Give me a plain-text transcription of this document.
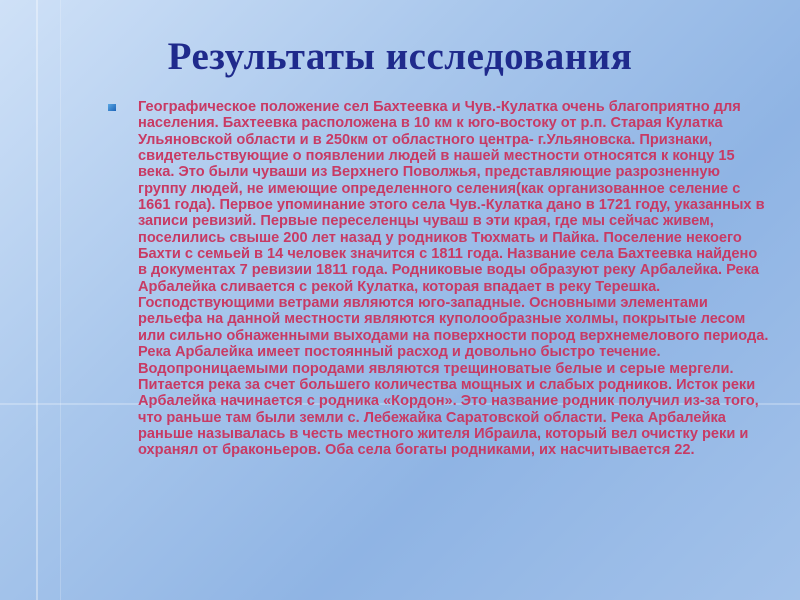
Результаты исследования

Географическое положение сел Бахтеевка и Чув.-Кулатка очень благоприятно для населения. Бахтеевка расположена в 10 км к юго-востоку от р.п. Старая Кулатка Ульяновской области и в 250км от областного центра- г.Ульяновска. Признаки, свидетельствующие о появлении людей в нашей местности относятся к концу 15 века. Это были чуваши из Верхнего Поволжья, представляющие разрозненную группу людей, не имеющие определенного селения(как организованное селение с 1661 года). Первое упоминание этого села Чув.-Кулатка дано в 1721 году, указанных в записи ревизий. Первые переселенцы чуваш в эти края, где мы сейчас живем, поселились свыше 200 лет назад у родников Тюхмать и Пайка. Поселение некоего Бахти с семьей в 14 человек значится с 1811 года. Название села Бахтеевка найдено в документах 7 ревизии 1811 года. Родниковые воды образуют реку Арбалейка. Река Арбалейка сливается с рекой Кулатка, которая впадает в реку Терешка. Господствующими ветрами являются юго-западные. Основными элементами рельефа на данной местности являются куполообразные холмы, покрытые лесом или сильно обнаженными выходами на поверхности пород верхнемелового периода. Река Арбалейка имеет постоянный расход и довольно быстро течение. Водопроницаемыми породами являются трещиноватые белые и серые мергели. Питается река за счет большего количества мощных и слабых родников. Исток реки Арбалейка начинается с родника «Кордон». Это название родник получил из-за того, что раньше там были земли с. Лебежайка Саратовской области. Река Арбалейка раньше называлась в честь местного жителя Ибраила, который вел очистку реки и охранял от браконьеров. Оба села богаты родниками, их насчитывается 22.
